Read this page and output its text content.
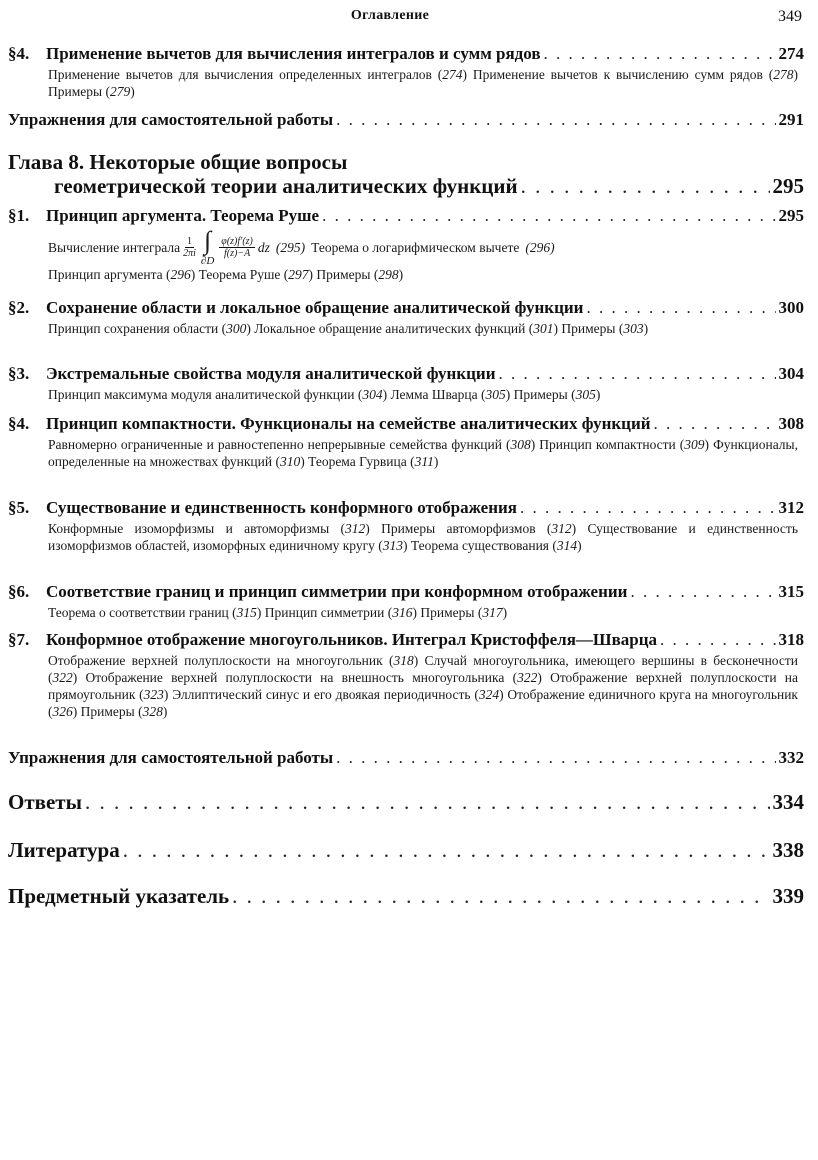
Оглавление	349
§4. Применение вычетов для вычисления интегралов и сумм рядов . . .	274
Применение вычетов для вычисления определенных интегралов (274) Применение вычетов к вычислению сумм рядов (278) Примеры (279)
Упражнения для самостоятельной работы . . .	291
Глава 8. Некоторые общие вопросы
геометрической теории аналитических функций . . .	295
§1. Принцип аргумента. Теорема Руше . . .	295
Вычисление интеграла $\frac{1}{2\pi i}$ ∫
∂D
$\frac{\varphi(z)f'(z)}{f(z)-A}$ dz (295) Теорема о логарифмическом вычете (296)
Принцип аргумента (296) Теорема Руше (297) Примеры (298)
§2. Сохранение области и локальное обращение аналитической функции . . .	300
Принцип сохранения области (300) Локальное обращение аналитических функций (301) Примеры (303)
§3. Экстремальные свойства модуля аналитической функции . . .	304
Принцип максимума модуля аналитической функции (304) Лемма Шварца (305) Примеры (305)
§4. Принцип компактности. Функционалы на семействе аналитических функций . . .	308
Равномерно ограниченные и равностепенно непрерывные семейства функций (308) Принцип компактности (309) Функционалы, определенные на множествах функций (310) Теорема Гурвица (311)
§5. Существование и единственность конформного отображения . . .	312
Конформные изоморфизмы и автоморфизмы (312) Примеры автоморфизмов (312) Существование и единственность изоморфизмов областей, изоморфных единичному кругу (313) Теорема существования (314)
§6. Соответствие границ и принцип симметрии при конформном отображении . . .	315
Теорема о соответствии границ (315) Принцип симметрии (316) Примеры (317)
§7. Конформное отображение многоугольников. Интеграл Кристоффеля—Шварца . . .	318
Отображение верхней полуплоскости на многоугольник (318) Случай многоугольника, имеющего вершины в бесконечности (322) Отображение верхней полуплоскости на внешность многоугольника (322) Отображение верхней полуплоскости на прямоугольник (323) Эллиптический синус и его двоякая периодичность (324) Отображение единичного круга на многоугольник (326) Примеры (328)
Упражнения для самостоятельной работы . . .	332
Ответы . . .	334
Литература . . .	338
Предметный указатель . . .	339
